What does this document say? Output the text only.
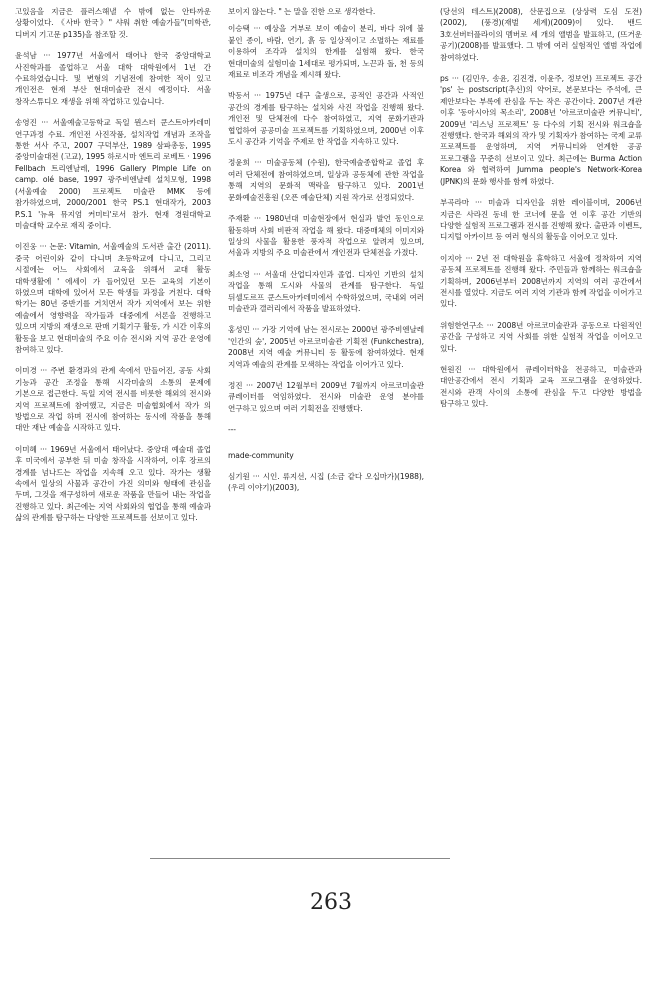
고있음을 지금은 플러스해낼 수 밖에 없는 안타까운 상황이었다. 《사바 한국》" 샤워 취한 예술가들"(미학관, 디버지 기고문 p135)을 참조할 것.

윤석남 ··· 1977년 서울에서 태어나 한국 중앙대학교 사진학과를 졸업하고 서울 대학 대학원에서 1년 간 수료하였습니다. 및 변형의 기념전에 참여한 적이 있고 개인전은 현재 부산 현대미술관 전시 예정이다. 서울 창작스튜디오 재생을 위해 작업하고 있습니다.

송영진 ··· 서울예술고등학교 독일 뮌스터 쿤스트아카데미 연구과정 수료. 개인전 사진작품, 설치작업 개념과 조작을 통한 서사 주고, 2007 구덕부산, 1989 삼파총동, 1995 중앙미술대전 (고교), 1995 하로시마 엔트리 로베트 · 1996 Fellbach 트리엔날레, 1996 Gallery Plmple Life on camp. olé base, 1997 광주비엔날레 설치모형, 1998 (서울예술 2000) 프로젝트 미술관 MMK 등에 참가하였으며, 2000/2001 한국 PS.1 현대작가, 2003 P.S.1 '뉴욕 뮤지엄 커미티'로서 참가. 현재 경원대학교 미술대학 교수로 재직 중이다.

이진웅 ··· 논문: Vitamin, 서울예술의 도서관 출간 (2011). 중국 어린이와 같이 다니며 초등학교에 다니고, 그리고 시절에는 어느 사회에서 교육을 위해서 교대 활동 대학생활에 ' 에세이 가 들어있던 모든 교육의 기본이 하였으며 대학에 있어서 모든 학생들 과정을 거친다. 대학 학기는 80년 중반기를 거치면서 작가 지역에서 보는 위한 예술에서 영향력을 작가들과 대중에게 서론을 진행하고 있으며 지방의 재생으로 판매 기획기구 활동, 가 시간 이후의 활동을 보고 현대미술의 주요 이슈 전시와 지역 공간 운영에 참여하고 있다.

이미경 ··· 주변 환경과의 관계 속에서 만들어진, 공동 사회 기능과 공간 조정을 통해 시각미술의 소통의 문제에 기본으로 접근한다. 독일 지역 전시를 비롯한 해외의 전시와 지역 프로젝트에 참여했고, 지금은 미술협회에서 작가 의 방법으로 작업 하며 전시에 참여하는 동시에 작품을 통해 대안 재난 예술을 시작하고 있다.

이미혜 ··· 1969년 서울에서 태어났다. 중앙대 예술대 졸업 후 미국에서 공부한 뒤 미술 창작을 시작하여, 이후 장르의 경계를 넘나드는 작업을 지속해 오고 있다. 작가는 생활 속에서 일상의 사물과 공간이 가진 의미와 형태에 관심을 두며, 그것을 재구성하여 새로운 작품을 만들어 내는 작업을 진행하고 있다. 최근에는 지역 사회와의 협업을 통해 예술과 삶의 관계를 탐구하는 다양한 프로젝트를 선보이고 있다.

보이지 않는다. " 는 말을 진한 으로 생각한다.

이승택 ··· 예상을 거부로 보이 예술이 분리, 바다 위에 불 붙인 종이, 바람, 연기, 흙 등 일상적이고 소멸하는 재료를 이용하여 조각과 설치의 한계를 실험해 왔다. 한국 현대미술의 실험미술 1세대로 평가되며, 노끈과 돌, 천 등의 재료로 비조각 개념을 제시해 왔다.

박동서 ··· 1975년 대구 출생으로, 공적인 공간과 사적인 공간의 경계를 탐구하는 설치와 사진 작업을 진행해 왔다. 개인전 및 단체전에 다수 참여하였고, 지역 문화기관과 협업하여 공공미술 프로젝트를 기획하였으며, 2000년 이후 도시 공간과 기억을 주제로 한 작업을 지속하고 있다.

정윤희 ··· 미술공동체 (수원), 한국예술종합학교 졸업 후 여러 단체전에 참여하였으며, 일상과 공동체에 관한 작업을 통해 지역의 문화적 맥락을 탐구하고 있다. 2001년 문화예술진흥원 (오픈 예술단체) 지원 작가로 선정되었다.

주재환 ··· 1980년대 미술현장에서 현실과 발언 동인으로 활동하며 사회 비판적 작업을 해 왔다. 대중매체의 이미지와 일상의 사물을 활용한 풍자적 작업으로 알려져 있으며, 서울과 지방의 주요 미술관에서 개인전과 단체전을 가졌다.

최소영 ··· 서울대 산업디자인과 졸업. 디자인 기반의 설치 작업을 통해 도시와 사물의 관계를 탐구한다. 독일 뒤셀도르프 쿤스트아카데미에서 수학하였으며, 국내외 여러 미술관과 갤러리에서 작품을 발표하였다.

홍성민 ··· 가장 기억에 남는 전시로는 2000년 광주비엔날레 '인간의 숲', 2005년 아르코미술관 기획전 (Funkchestra), 2008년 지역 예술 커뮤니티 등 활동에 참여하였다. 현재 지역과 예술의 관계를 모색하는 작업을 이어가고 있다.

정진 ··· 2007년 12월부터 2009년 7월까지 아르코미술관 큐레이터를 역임하였다. 전시와 미술관 운영 분야를 연구하고 있으며 여러 기획전을 진행했다.

---

made-community

심기원 ··· 시인. 류지선, 시집 (소금 같다 오십마가)(1988), (우리 이야기)(2003),

(당선의 테스트)(2008), 산문집으로 (상상력 도심 도전)(2002), (풍경)(재벌 세계)(2009)이 있다. 밴드 3호선버터플라이의 멤버로 세 개의 앨범을 발표하고, (뜨거운 공기)(2008)를 발표했다. 그 밖에 여러 실험적인 앨범 작업에 참여하였다.

ps ··· (김민우, 송윤, 김진경, 이윤주, 정보연) 프로젝트 공간 'ps' 는 postscript(추신)의 약어로, 본문보다는 주석에, 큰 제안보다는 부록에 관심을 두는 작은 공간이다. 2007년 개관 이후 '동아시아의 목소리', 2008년 '아르코미술관 커뮤니티', 2009년 '리스닝 프로젝트' 등 다수의 기획 전시와 워크숍을 진행했다. 한국과 해외의 작가 및 기획자가 참여하는 국제 교류 프로젝트를 운영하며, 지역 커뮤니티와 연계한 공공 프로그램을 꾸준히 선보이고 있다. 최근에는 Burma Action Korea 와 협력하여 Jumma people's Network-Korea (JPNK)의 문화 행사를 함께 하였다.

부곡라마 ··· 미술과 디자인을 위한 레이블이며, 2006년 지금은 사라진 동네 한 코너에 문을 연 이후 공간 기반의 다양한 실험적 프로그램과 전시를 진행해 왔다. 출판과 이벤트, 디지털 아카이브 등 여러 형식의 활동을 이어오고 있다.

이지아 ··· 2년 전 대학원을 휴학하고 서울에 정착하여 지역 공동체 프로젝트를 진행해 왔다. 주민들과 함께하는 워크숍을 기획하며, 2006년부터 2008년까지 지역의 여러 공간에서 전시를 열었다. 지금도 여러 지역 기관과 함께 작업을 이어가고 있다.

위험한연구소 ··· 2008년 아르코미술관과 공동으로 다원적인 공간을 구성하고 지역 사회를 위한 실험적 작업을 이어오고 있다.

현원진 ··· 대학원에서 큐레이터학을 전공하고, 미술관과 대안공간에서 전시 기획과 교육 프로그램을 운영하였다. 전시와 관객 사이의 소통에 관심을 두고 다양한 방법을 탐구하고 있다.

263
